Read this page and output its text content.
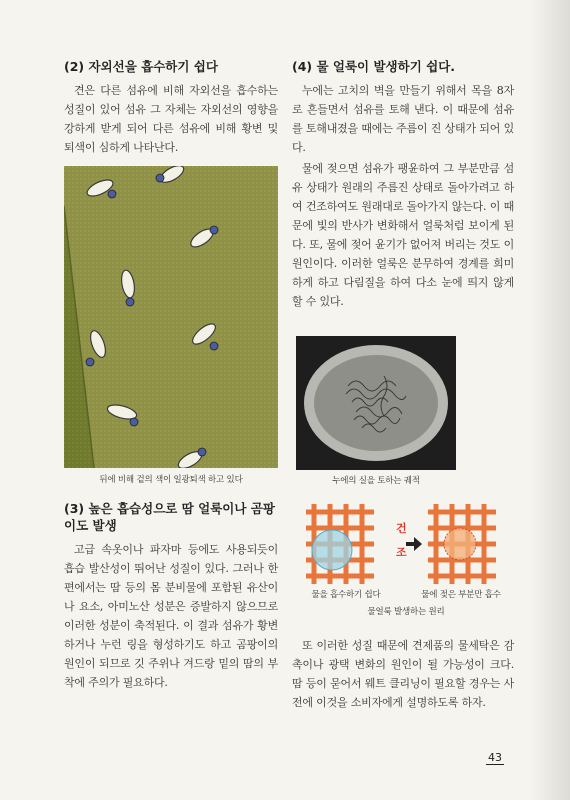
(2) 자외선을 흡수하기 쉽다

견은 다른 섬유에 비해 자외선을 흡수하는 성질이 있어 섬유 그 자체는 자외선의 영향을 강하게 받게 되어 다른 섬유에 비해 황변 및 퇴색이 심하게 나타난다.

뒤에 비해 겉의 색이 일광퇴색 하고 있다
(3) 높은 흡습성으로 땀 얼룩이나 곰팡이도 발생

고급 속옷이나 파자마 등에도 사용되듯이 흡습 발산성이 뛰어난 성질이 있다. 그러나 한편에서는 땀 등의 몸 분비물에 포함된 유산이나 요소, 아미노산 성분은 증발하지 않으므로 이러한 성분이 축적된다. 이 결과 섬유가 황변하거나 누런 링을 형성하기도 하고 곰팡이의 원인이 되므로 깃 주위나 겨드랑 밑의 땀의 부착에 주의가 필요하다.

(4) 물 얼룩이 발생하기 쉽다.

누에는 고치의 벽을 만들기 위해서 목을 8자로 흔들면서 섬유를 토해 낸다. 이 때문에 섬유를 토해내졌을 때에는 주름이 진 상태가 되어 있다.

물에 젖으면 섬유가 팽윤하여 그 부분만큼 섬유 상태가 원래의 주름진 상태로 돌아가려고 하여 건조하여도 원래대로 돌아가지 않는다. 이 때문에 빛의 반사가 변화해서 얼룩처럼 보이게 된다. 또, 물에 젖어 윤기가 없어져 버리는 것도 이 원인이다. 이러한 얼룩은 분무하여 경계를 희미하게 하고 다림질을 하여 다소 눈에 띄지 않게 할 수 있다.

누에의 실을 토하는 궤적
건
조
물을 흡수하기 쉽다	물에 젖은 부분만 흡수
물얼룩 발생하는 원리

또 이러한 성질 때문에 견제품의 물세탁은 감촉이나 광택 변화의 원인이 될 가능성이 크다. 땀 등이 묻어서 웨트 클리닝이 필요할 경우는 사전에 이것을 소비자에게 설명하도록 하자.

43
